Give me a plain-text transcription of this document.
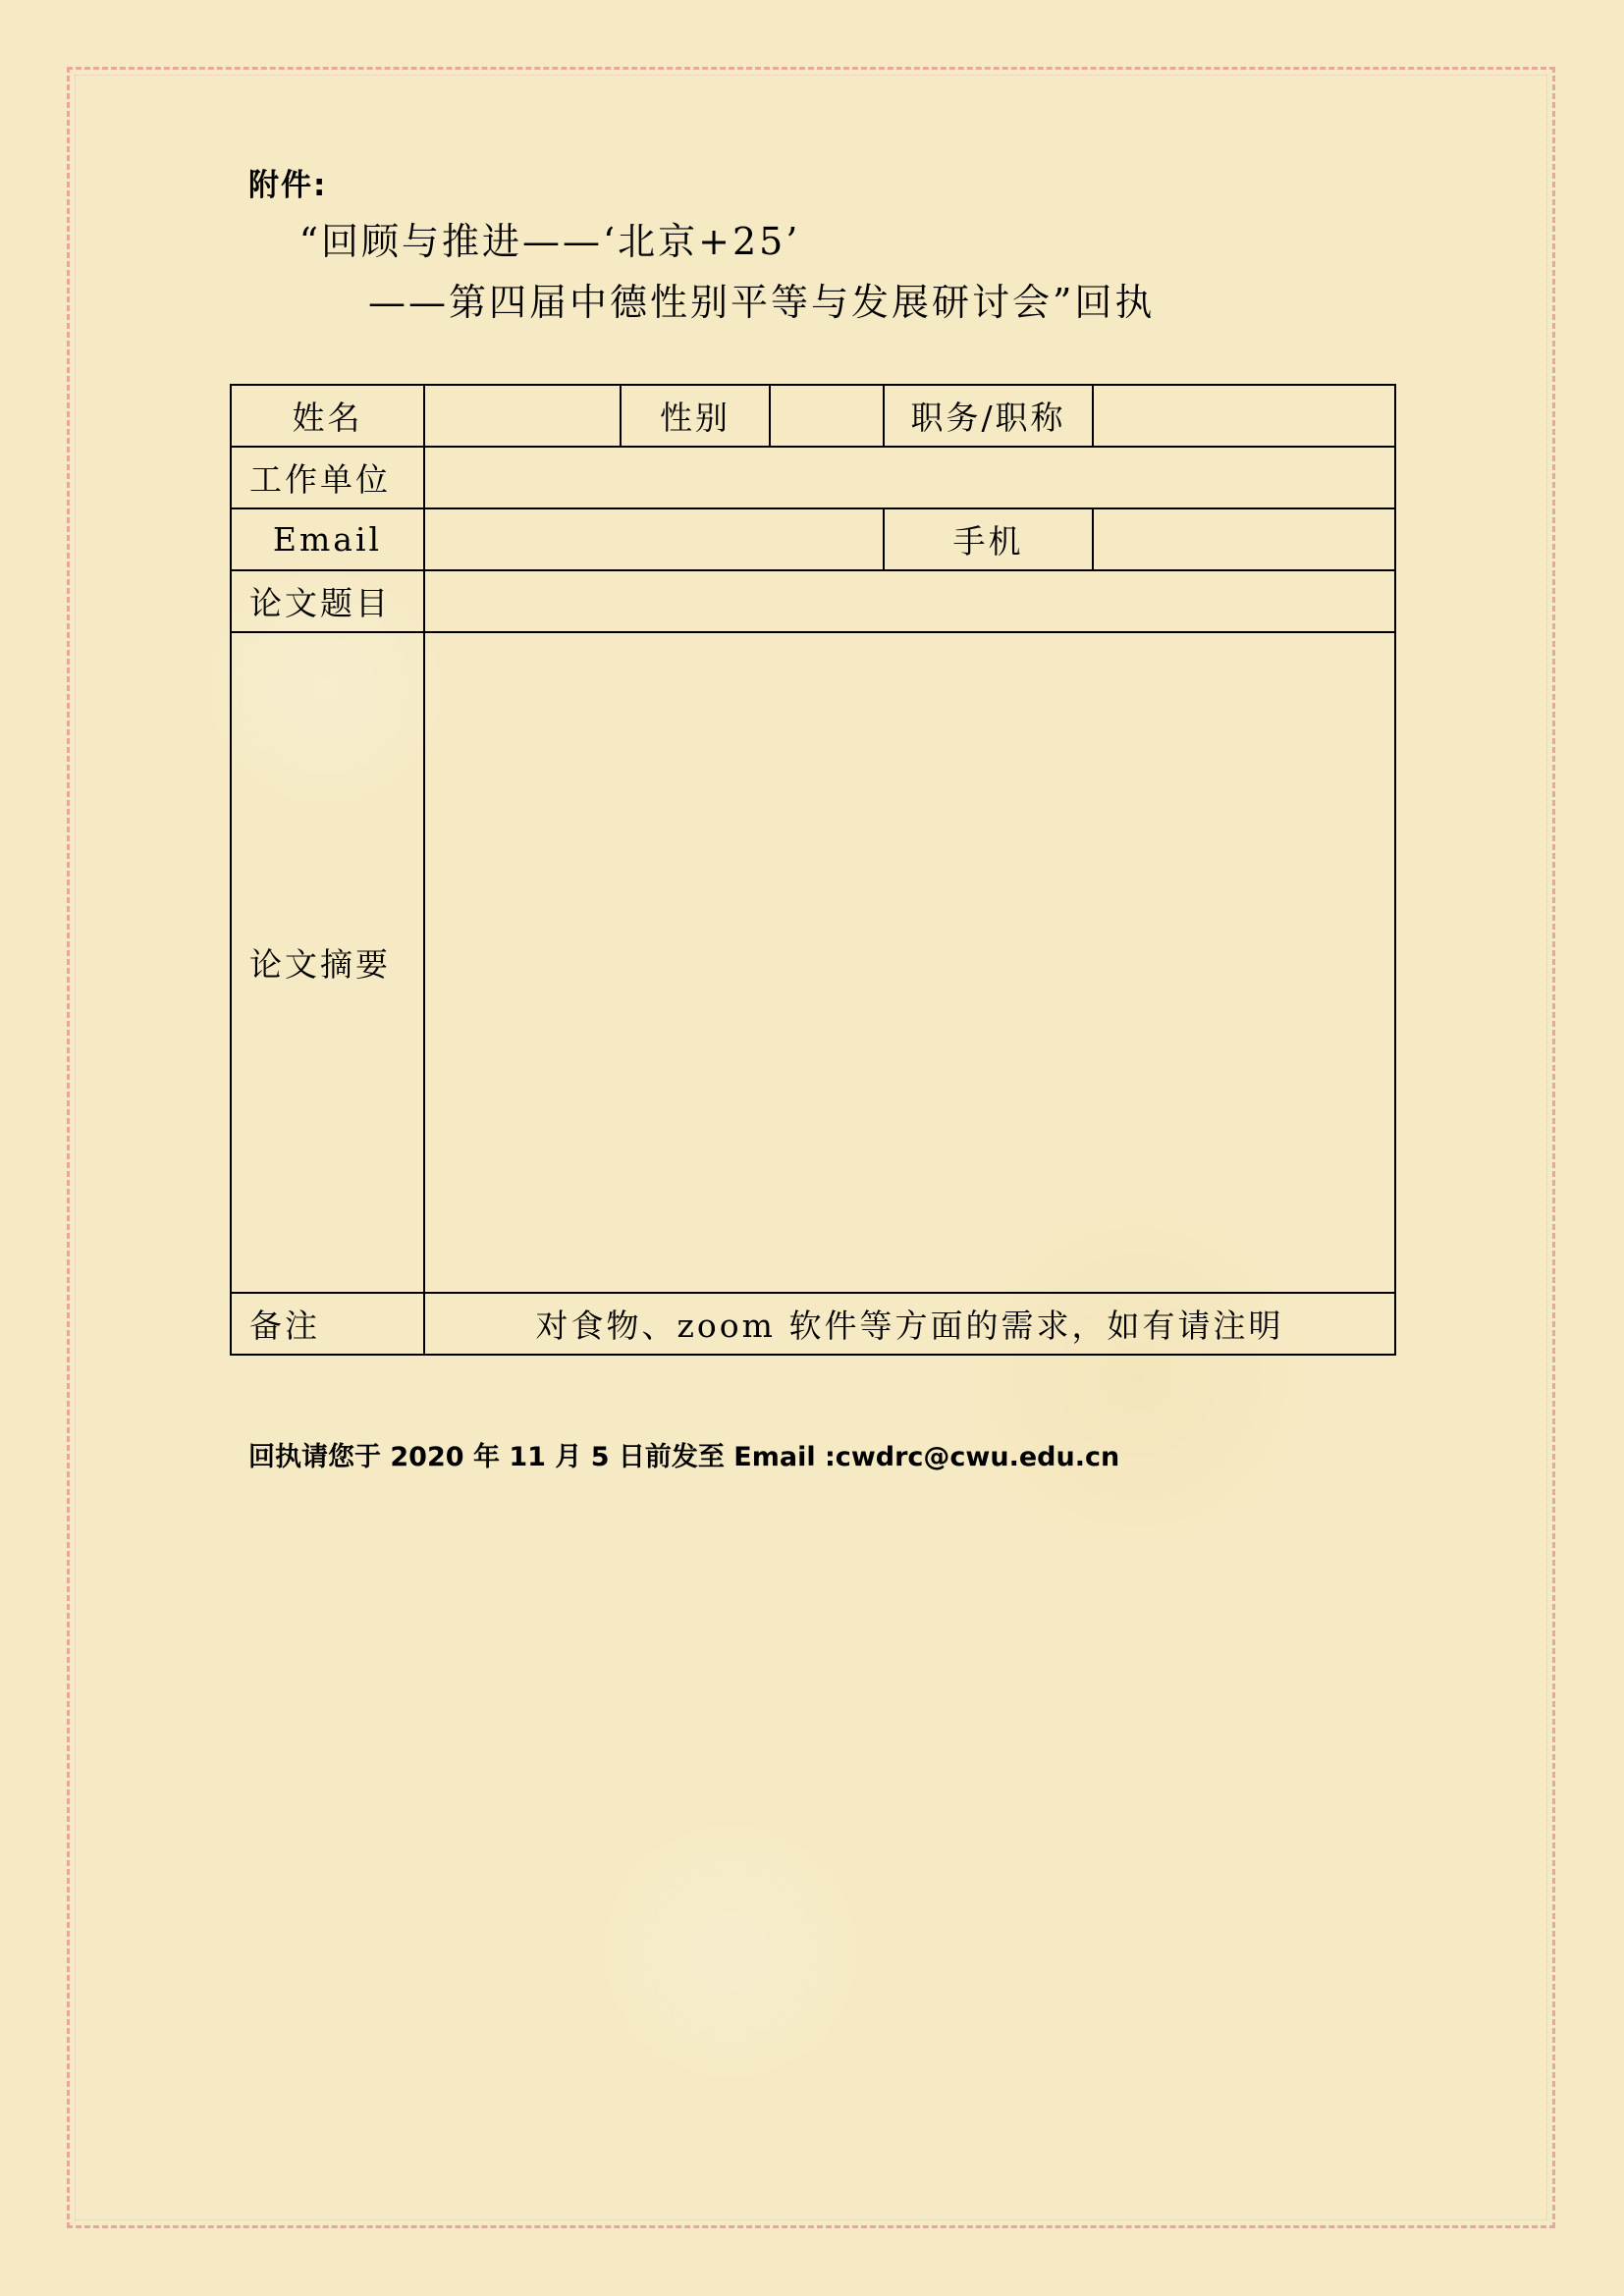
附件:
“回顾与推进——‘北京+25’
——第四届中德性别平等与发展研讨会”回执
姓名		性别		职务/职称	
工作单位					
Email				手机	
论文题目					
论文摘要					
备注	对食物、zoom 软件等方面的需求，如有请注明				
回执请您于 2020 年 11 月 5 日前发至 Email :cwdrc@cwu.edu.cn
